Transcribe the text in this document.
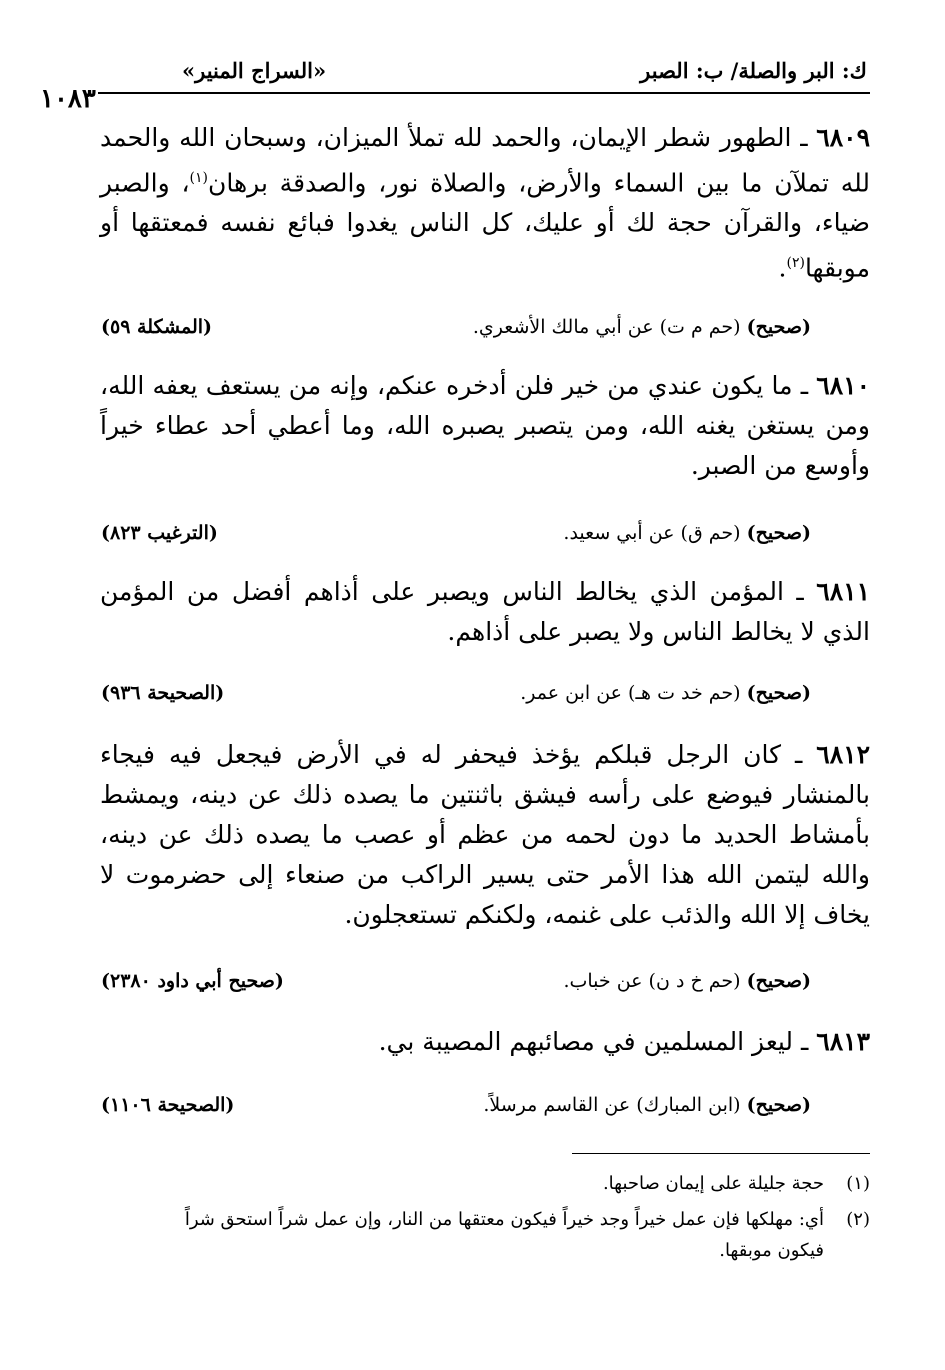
ك: البر والصلة/ ب: الصبر
«السراج المنير»
١٠٨٣

٦٨٠٩ ـ الطهور شطر الإيمان، والحمد لله تملأ الميزان، وسبحان الله والحمد لله تملآن ما بين السماء والأرض، والصلاة نور، والصدقة برهان$^{(١)}$، والصبر ضياء، والقرآن حجة لك أو عليك، كل الناس يغدوا فبائع نفسه فمعتقها أو موبقها$^{(٢)}$.

(صحيح) (حم م ت) عن أبي مالك الأشعري.
(المشكلة ٥٩)

٦٨١٠ ـ ما يكون عندي من خير فلن أدخره عنكم، وإنه من يستعف يعفه الله، ومن يستغن يغنه الله، ومن يتصبر يصبره الله، وما أعطي أحد عطاء خيراً وأوسع من الصبر.

(صحيح) (حم ق) عن أبي سعيد.
(الترغيب ٨٢٣)

٦٨١١ ـ المؤمن الذي يخالط الناس ويصبر على أذاهم أفضل من المؤمن الذي لا يخالط الناس ولا يصبر على أذاهم.

(صحيح) (حم خد ت هـ) عن ابن عمر.
(الصحيحة ٩٣٦)

٦٨١٢ ـ كان الرجل قبلكم يؤخذ فيحفر له في الأرض فيجعل فيه فيجاء بالمنشار فيوضع على رأسه فيشق باثنتين ما يصده ذلك عن دينه، ويمشط بأمشاط الحديد ما دون لحمه من عظم أو عصب ما يصده ذلك عن دينه، والله ليتمن الله هذا الأمر حتى يسير الراكب من صنعاء إلى حضرموت لا يخاف إلا الله والذئب على غنمه، ولكنكم تستعجلون.

(صحيح) (حم خ د ن) عن خباب.
(صحيح أبي داود ٢٣٨٠)

٦٨١٣ ـ ليعز المسلمين في مصائبهم المصيبة بي.

(صحيح) (ابن المبارك) عن القاسم مرسلاً.
(الصحيحة ١١٠٦)
(١)حجة جليلة على إيمان صاحبها.
(٢)أي: مهلكها فإن عمل خيراً وجد خيراً فيكون معتقها من النار، وإن عمل شراً استحق شراً
فيكون موبقها.
